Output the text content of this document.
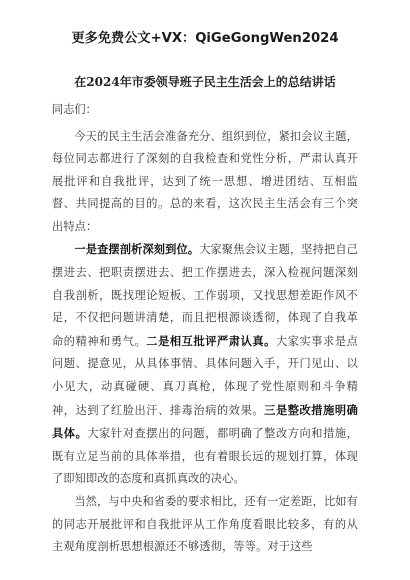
更多免费公文+VX：QiGeGongWen2024

在2024年市委领导班子民主生活会上的总结讲话

同志们：

今天的民主生活会准备充分、组织到位，紧扣会议主题，每位同志都进行了深刻的自我检查和党性分析，严肃认真开展批评和自我批评，达到了统一思想、增进团结、互相监督、共同提高的目的。总的来看，这次民主生活会有三个突出特点：

一是查摆剖析深刻到位。大家聚焦会议主题，坚持把自己摆进去、把职责摆进去、把工作摆进去，深入检视问题深刻自我剖析，既找理论短板、工作弱项，又找思想差距作风不足，不仅把问题讲清楚，而且把根源谈透彻，体现了自我革命的精神和勇气。二是相互批评严肃认真。大家实事求是点问题、提意见，从具体事情、具体问题入手，开门见山、以小见大，动真碰硬、真刀真枪，体现了党性原则和斗争精神，达到了红脸出汗、排毒治病的效果。三是整改措施明确具体。大家针对查摆出的问题，都明确了整改方向和措施，既有立足当前的具体举措，也有着眼长远的规划打算，体现了即知即改的态度和真抓真改的决心。

当然，与中央和省委的要求相比，还有一定差距，比如有的同志开展批评和自我批评从工作角度看眼比较多，有的从主观角度剖析思想根源还不够透彻，等等。对于这些
